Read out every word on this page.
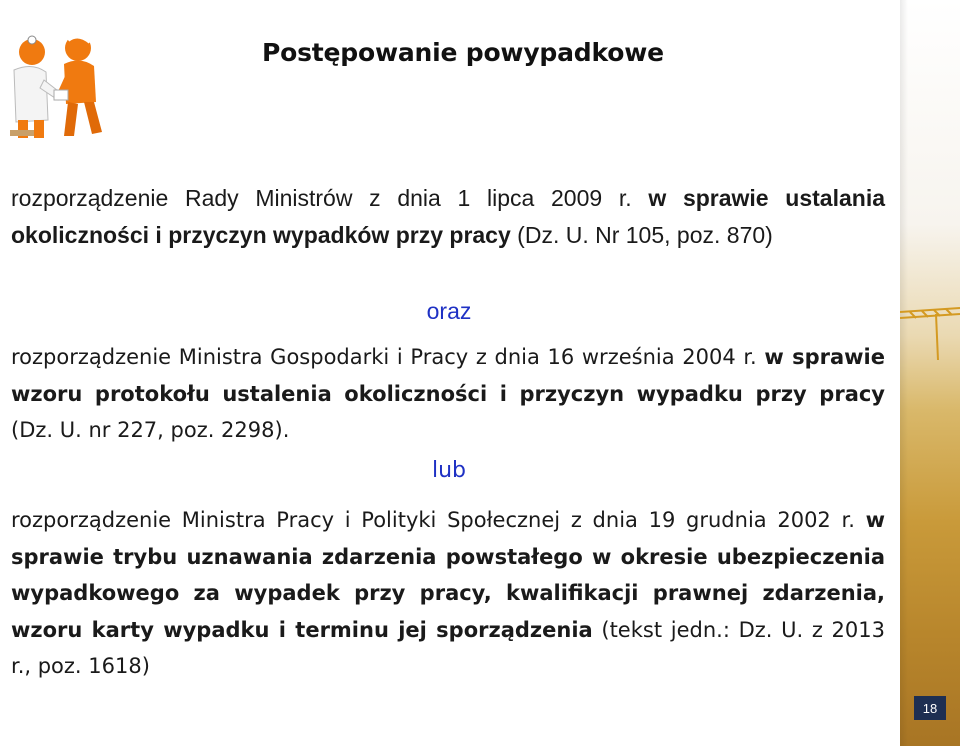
Postępowanie powypadkowe
rozporządzenie Rady Ministrów z dnia 1 lipca 2009 r. w sprawie ustalania okoliczności i przyczyn wypadków przy pracy (Dz. U. Nr 105, poz. 870)
oraz
rozporządzenie Ministra Gospodarki i Pracy z dnia 16 września 2004 r. w sprawie wzoru protokołu ustalenia okoliczności i przyczyn wypadku przy pracy (Dz. U. nr 227, poz. 2298).
lub
rozporządzenie Ministra Pracy i Polityki Społecznej z dnia 19 grudnia 2002 r. w sprawie trybu uznawania zdarzenia powstałego w okresie ubezpieczenia wypadkowego za wypadek przy pracy, kwalifikacji prawnej zdarzenia, wzoru karty wypadku i terminu jej sporządzenia (tekst jedn.: Dz. U. z 2013 r., poz. 1618)
18
